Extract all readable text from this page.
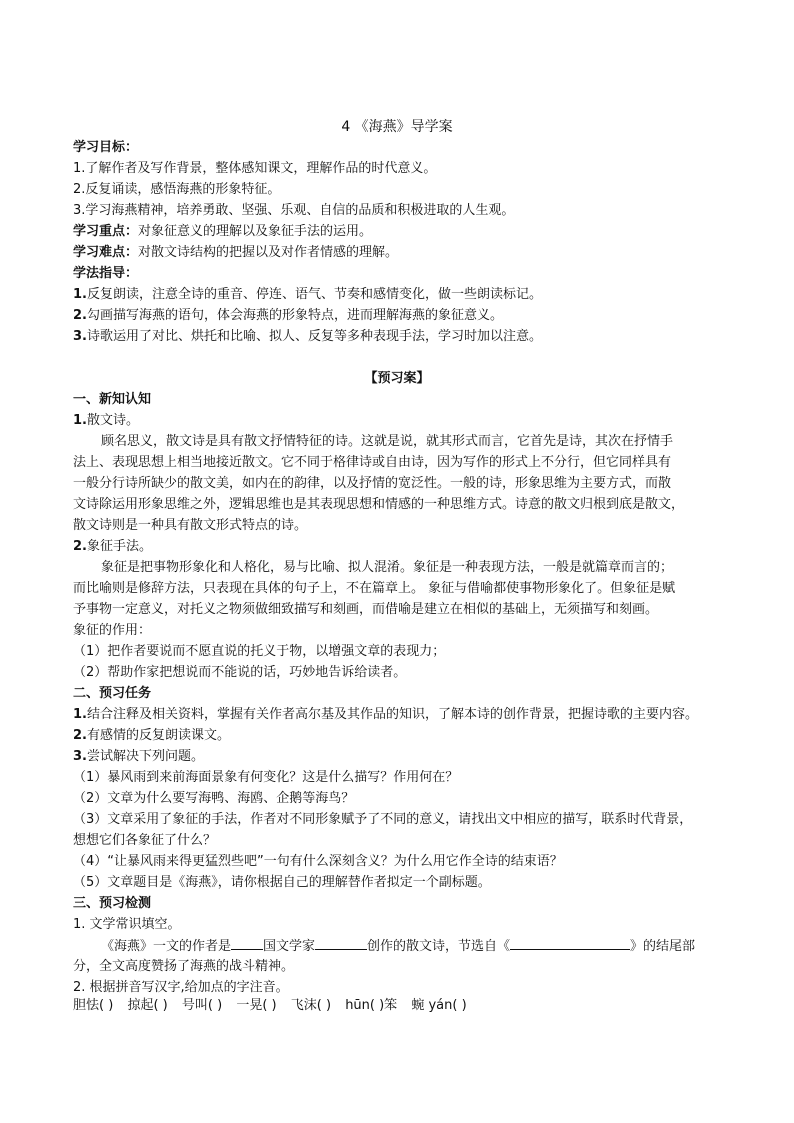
4 《海燕》导学案
学习目标：
1.了解作者及写作背景，整体感知课文，理解作品的时代意义。
2.反复诵读，感悟海燕的形象特征。
3.学习海燕精神，培养勇敢、坚强、乐观、自信的品质和积极进取的人生观。
学习重点：对象征意义的理解以及象征手法的运用。
学习难点：对散文诗结构的把握以及对作者情感的理解。
学法指导：
1.反复朗读，注意全诗的重音、停连、语气、节奏和感情变化，做一些朗读标记。
2.勾画描写海燕的语句，体会海燕的形象特点，进而理解海燕的象征意义。
3.诗歌运用了对比、烘托和比喻、拟人、反复等多种表现手法，学习时加以注意。
【预习案】
一、新知认知
1.散文诗。
顾名思义，散文诗是具有散文抒情特征的诗。这就是说，就其形式而言，它首先是诗，其次在抒情手
法上、表现思想上相当地接近散文。它不同于格律诗或自由诗，因为写作的形式上不分行，但它同样具有
一般分行诗所缺少的散文美，如内在的韵律，以及抒情的宽泛性。一般的诗，形象思维为主要方式，而散
文诗除运用形象思维之外，逻辑思维也是其表现思想和情感的一种思维方式。诗意的散文归根到底是散文，
散文诗则是一种具有散文形式特点的诗。
2.象征手法。
象征是把事物形象化和人格化，易与比喻、拟人混淆。象征是一种表现方法，一般是就篇章而言的；
而比喻则是修辞方法，只表现在具体的句子上，不在篇章上。 象征与借喻都使事物形象化了。但象征是赋
予事物一定意义，对托义之物须做细致描写和刻画，而借喻是建立在相似的基础上，无须描写和刻画。
象征的作用：
（1）把作者要说而不愿直说的托义于物，以增强文章的表现力；
（2）帮助作家把想说而不能说的话，巧妙地告诉给读者。
二、预习任务
1.结合注释及相关资料，掌握有关作者高尔基及其作品的知识，了解本诗的创作背景，把握诗歌的主要内容。
2.有感情的反复朗读课文。
3.尝试解决下列问题。
（1）暴风雨到来前海面景象有何变化？这是什么描写？作用何在？
（2）文章为什么要写海鸭、海鸥、企鹅等海鸟？
（3）文章采用了象征的手法，作者对不同形象赋予了不同的意义，请找出文中相应的描写，联系时代背景，
想想它们各象征了什么？
（4）“让暴风雨来得更猛烈些吧”一句有什么深刻含义？为什么用它作全诗的结束语？
（5）文章题目是《海燕》，请你根据自己的理解替作者拟定一个副标题。
三、预习检测
1. 文学常识填空。
《海燕》一文的作者是 国文学家	创作的散文诗，节选自《	》的结尾部
分，全文高度赞扬了海燕的战斗精神。
2. 根据拼音写汉字,给加点的字注音。
胆怯( ) 掠起( ) 号叫( ) 一晃( ) 飞沫( ) hūn( )笨 蜿 yán( )
